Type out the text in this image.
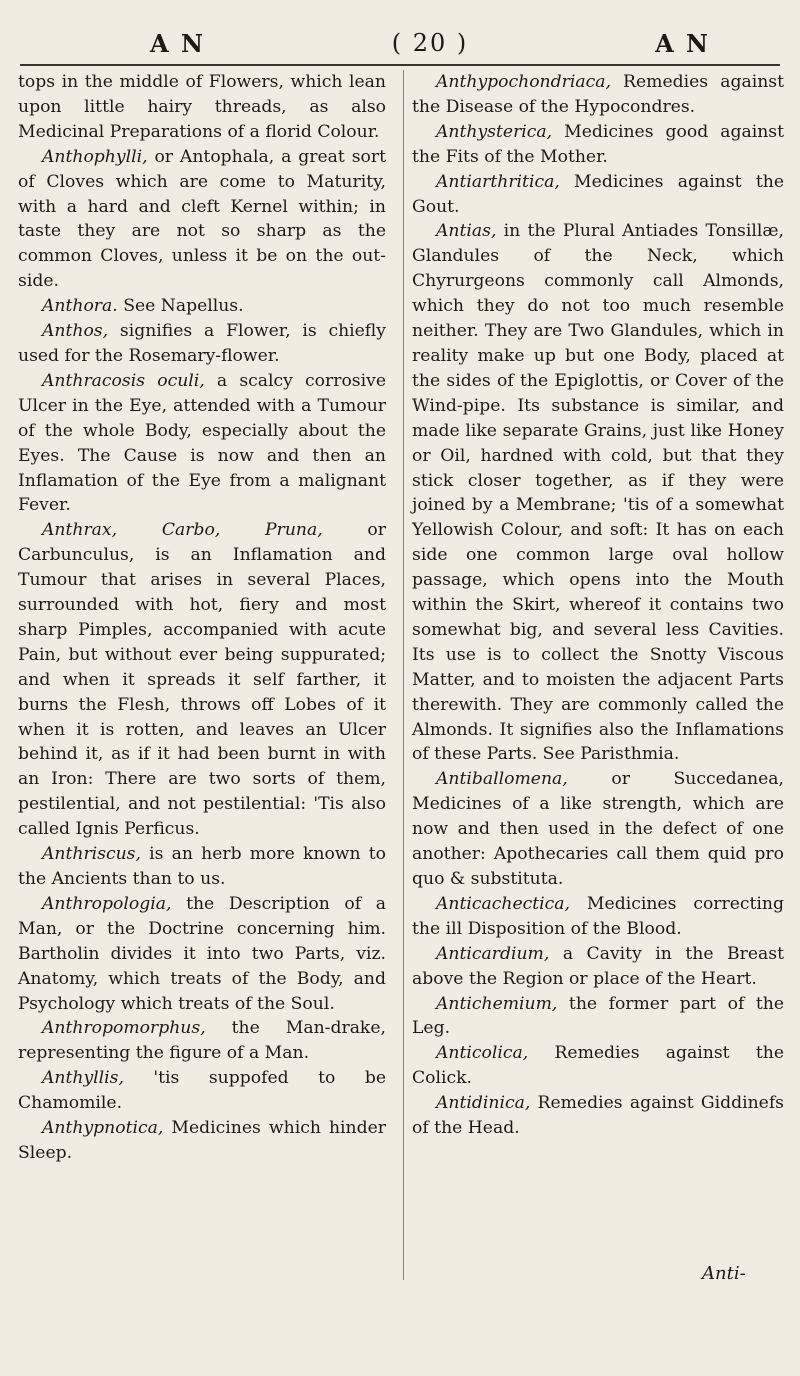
A N	( 20 )	A N

tops in the middle of Flowers, which lean upon little hairy threads, as also Medicinal Preparations of a florid Colour.

Anthophylli, or Antophala, a great sort of Cloves which are come to Maturity, with a hard and cleft Kernel within; in taste they are not so sharp as the common Cloves, unless it be on the out-side.

Anthora. See Napellus.

Anthos, signifies a Flower, is chiefly used for the Rosemary-flower.

Anthracosis oculi, a scalcy corrosive Ulcer in the Eye, attended with a Tumour of the whole Body, especially about the Eyes. The Cause is now and then an Inflamation of the Eye from a malignant Fever.

Anthrax, Carbo, Pruna, or Carbunculus, is an Inflamation and Tumour that arises in several Places, surrounded with hot, fiery and most sharp Pimples, accompanied with acute Pain, but without ever being suppurated; and when it spreads it self farther, it burns the Flesh, throws off Lobes of it when it is rotten, and leaves an Ulcer behind it, as if it had been burnt in with an Iron: There are two sorts of them, pestilential, and not pestilential: 'Tis also called Ignis Perficus.

Anthriscus, is an herb more known to the Ancients than to us.

Anthropologia, the Description of a Man, or the Doctrine concerning him. Bartholin divides it into two Parts, viz. Anatomy, which treats of the Body, and Psychology which treats of the Soul.

Anthropomorphus, the Man-drake, representing the figure of a Man.

Anthyllis, 'tis suppofed to be Chamomile.

Anthypnotica, Medicines which hinder Sleep.

Anthypochondriaca, Remedies against the Disease of the Hypocondres.

Anthysterica, Medicines good against the Fits of the Mother.

Antiarthritica, Medicines against the Gout.

Antias, in the Plural Antiades Tonsillæ, Glandules of the Neck, which Chyrurgeons commonly call Almonds, which they do not too much resemble neither. They are Two Glandules, which in reality make up but one Body, placed at the sides of the Epiglottis, or Cover of the Wind-pipe. Its substance is similar, and made like separate Grains, just like Honey or Oil, hardned with cold, but that they stick closer together, as if they were joined by a Membrane; 'tis of a somewhat Yellowish Colour, and soft: It has on each side one common large oval hollow passage, which opens into the Mouth within the Skirt, whereof it contains two somewhat big, and several less Cavities. Its use is to collect the Snotty Viscous Matter, and to moisten the adjacent Parts therewith. They are commonly called the Almonds. It signifies also the Inflamations of these Parts. See Paristhmia.

Antiballomena, or Succedanea, Medicines of a like strength, which are now and then used in the defect of one another: Apothecaries call them quid pro quo & substituta.

Anticachectica, Medicines correcting the ill Disposition of the Blood.

Anticardium, a Cavity in the Breast above the Region or place of the Heart.

Antichemium, the former part of the Leg.

Anticolica, Remedies against the Colick.

Antidinica, Remedies against Giddinefs of the Head.

Anti-
